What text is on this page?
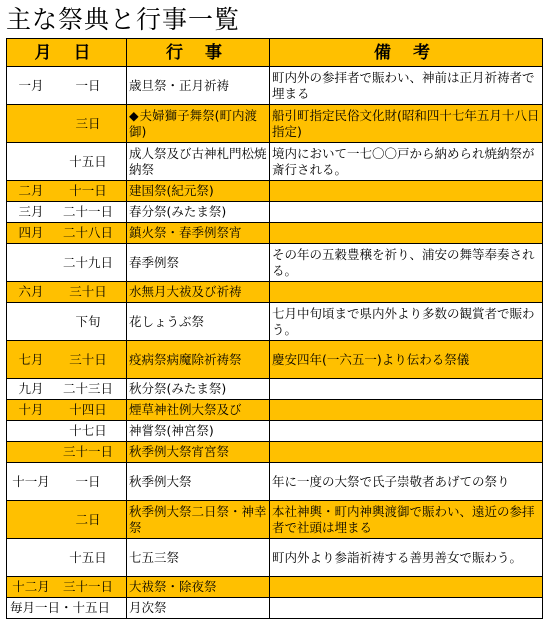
主な祭典と行事一覧
月 日	行 事	備 考
一月 一日	歳旦祭・正月祈祷	町内外の参拝者で賑わい、神前は正月祈祷者で埋まる
三日	◆夫婦獅子舞祭(町内渡御)	船引町指定民俗文化財(昭和四十七年五月十八日指定)
十五日	成人祭及び古神札門松焼納祭	境内において一七〇〇戸から納められ焼納祭が斎行される。
二月 十一日	建国祭(紀元祭)	
三月 二十一日	春分祭(みたま祭)	
四月 二十八日	鎮火祭・春季例祭宵	
二十九日	春季例祭	その年の五穀豊穣を祈り、浦安の舞等奉奏される。
六月 三十日	水無月大祓及び祈祷	
下旬	花しょうぶ祭	七月中旬頃まで県内外より多数の観賞者で賑わう。
七月 三十日	疫病祭病魔除祈祷祭	慶安四年(一六五一)より伝わる祭儀
九月 二十三日	秋分祭(みたま祭)	
十月 十四日	煙草神社例大祭及び	
十七日	神嘗祭(神宮祭)	
三十一日	秋季例大祭宵宮祭	
十一月 一日	秋季例大祭	年に一度の大祭で氏子崇敬者あげての祭り
二日	秋季例大祭二日祭・神幸祭	本社神輿・町内神輿渡御で賑わい、遠近の参拝者で社頭は埋まる
十五日	七五三祭	町内外より参詣祈祷する善男善女で賑わう。
十二月 三十一日	大祓祭・除夜祭	
毎月一日・十五日	月次祭	
